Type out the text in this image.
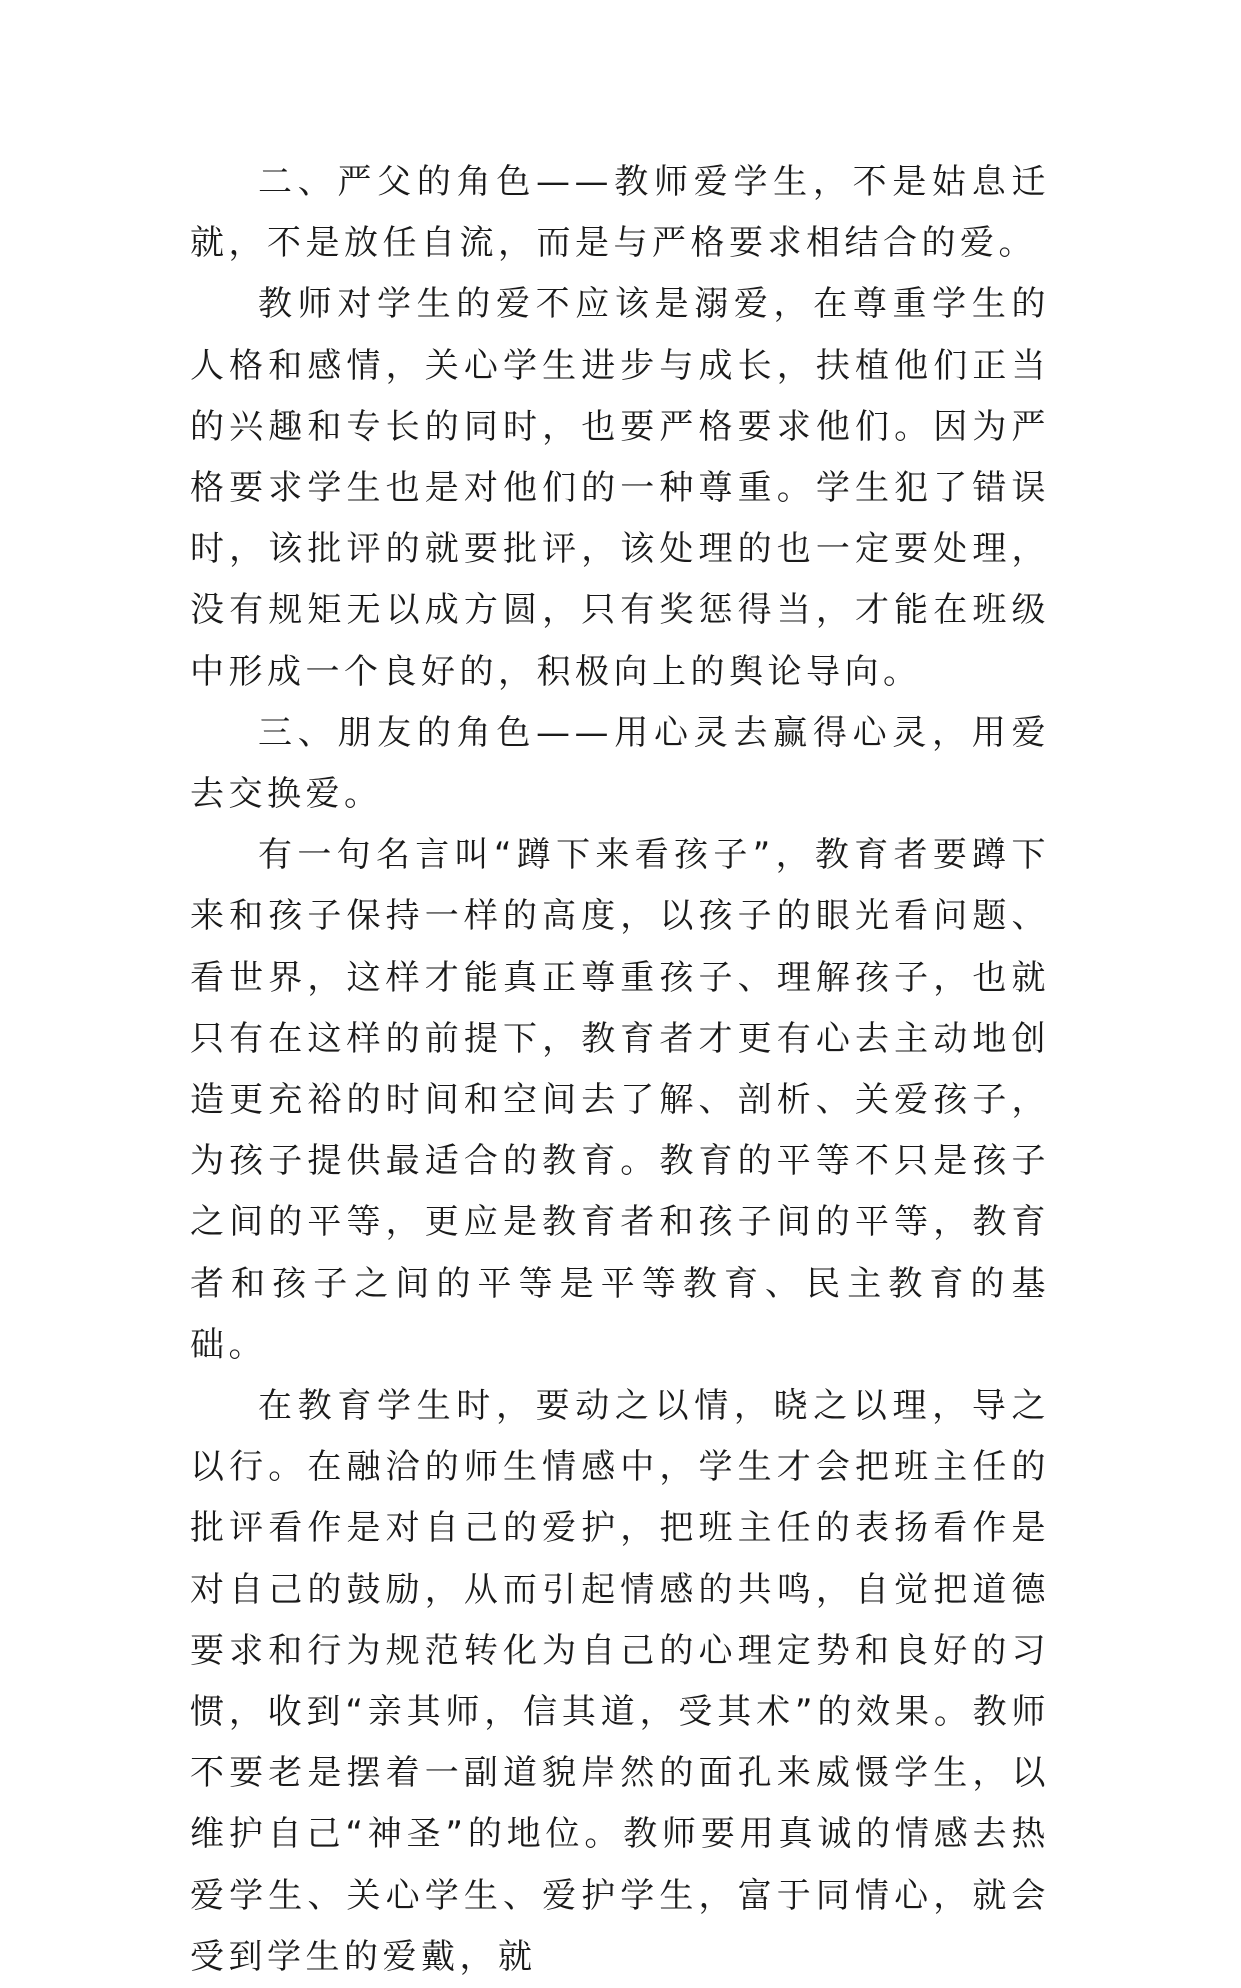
二、严父的角色——教师爱学生，不是姑息迁就，不是放任自流，而是与严格要求相结合的爱。

教师对学生的爱不应该是溺爱，在尊重学生的人格和感情，关心学生进步与成长，扶植他们正当的兴趣和专长的同时，也要严格要求他们。因为严格要求学生也是对他们的一种尊重。学生犯了错误时，该批评的就要批评，该处理的也一定要处理，没有规矩无以成方圆，只有奖惩得当，才能在班级中形成一个良好的，积极向上的舆论导向。

三、朋友的角色——用心灵去赢得心灵，用爱去交换爱。

有一句名言叫“蹲下来看孩子”，教育者要蹲下来和孩子保持一样的高度，以孩子的眼光看问题、看世界，这样才能真正尊重孩子、理解孩子，也就只有在这样的前提下，教育者才更有心去主动地创造更充裕的时间和空间去了解、剖析、关爱孩子，为孩子提供最适合的教育。教育的平等不只是孩子之间的平等，更应是教育者和孩子间的平等，教育者和孩子之间的平等是平等教育、民主教育的基础。

在教育学生时，要动之以情，晓之以理，导之以行。在融洽的师生情感中，学生才会把班主任的批评看作是对自己的爱护，把班主任的表扬看作是对自己的鼓励，从而引起情感的共鸣，自觉把道德要求和行为规范转化为自己的心理定势和良好的习惯，收到“亲其师，信其道，受其术”的效果。教师不要老是摆着一副道貌岸然的面孔来威慑学生，以维护自己“神圣”的地位。教师要用真诚的情感去热爱学生、关心学生、爱护学生，富于同情心，就会受到学生的爱戴，就
